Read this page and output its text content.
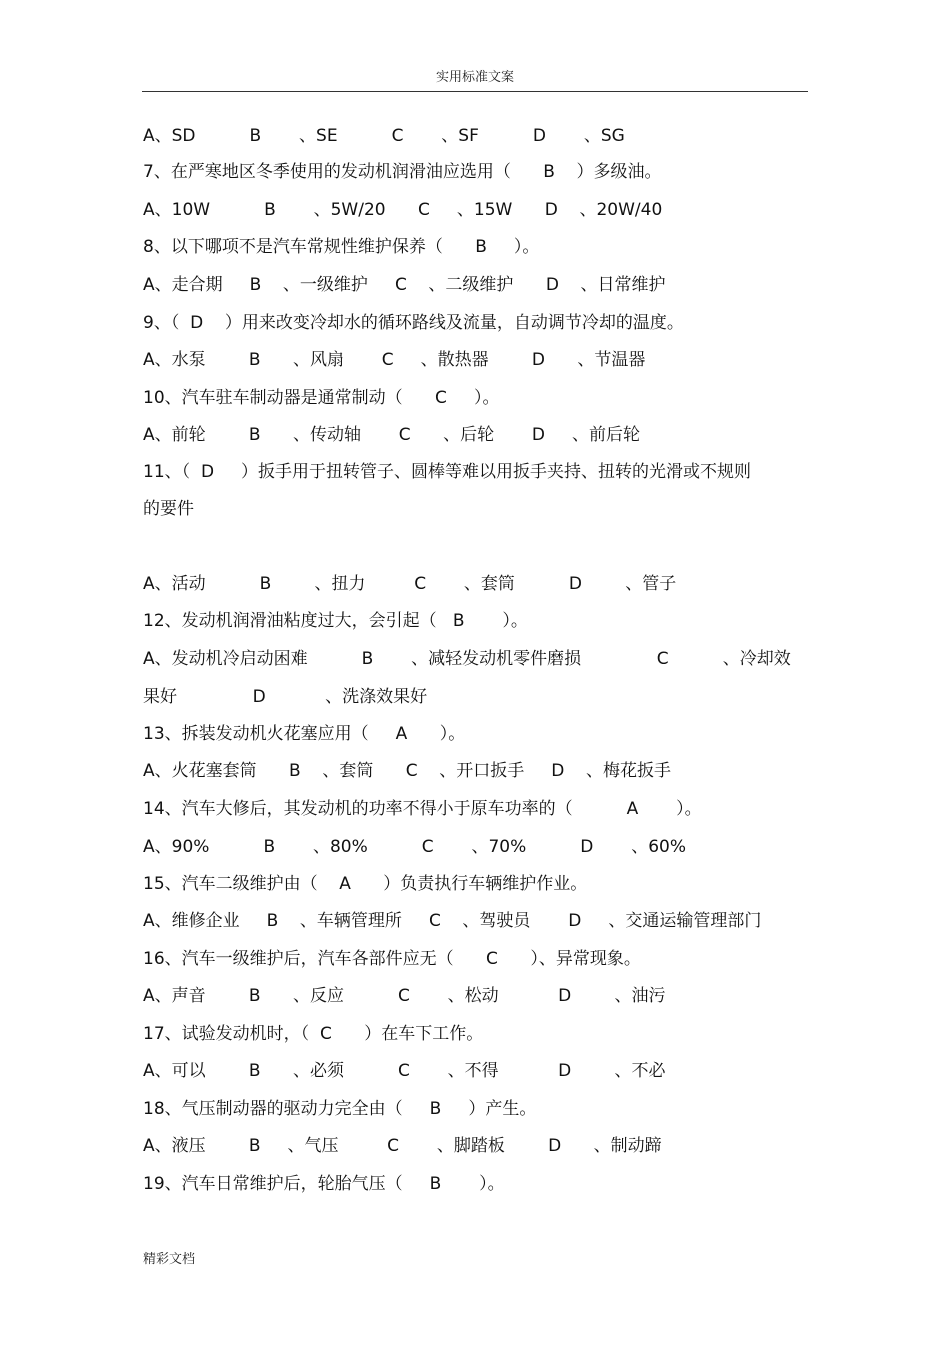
实用标准文案
A、SD          B       、SE          C       、SF          D       、SG
7、在严寒地区冬季使用的发动机润滑油应选用（      B    ）多级油。
A、10W          B       、5W∕20      C     、15W      D    、20W∕40
8、以下哪项不是汽车常规性维护保养（      B     ）。
A、走合期     B    、一级维护     C    、二级维护      D    、日常维护
9、（  D    ）用来改变冷却水的循环路线及流量，自动调节冷却的温度。
A、水泵        B      、风扇       C     、散热器        D      、节温器
10、汽车驻车制动器是通常制动（      C     ）。
A、前轮        B      、传动轴       C      、后轮       D     、前后轮
11、（  D     ）扳手用于扭转管子、圆棒等难以用扳手夹持、扭转的光滑或不规则
的要件
A、活动          B        、扭力         C       、套筒          D        、管子
12、发动机润滑油粘度过大，会引起（   B       ）。
A、发动机冷启动困难          B       、减轻发动机零件磨损              C          、冷却效
果好              D           、洗涤效果好
13、拆装发动机火花塞应用（     A      ）。
A、火花塞套筒      B    、套筒      C    、开口扳手     D    、梅花扳手
14、汽车大修后，其发动机的功率不得小于原车功率的（          A       ）。
A、90%          B       、80%          C       、70%          D       、60%
15、汽车二级维护由（    A      ）负责执行车辆维护作业。
A、维修企业     B    、车辆管理所     C    、驾驶员       D     、交通运输管理部门
16、汽车一级维护后，汽车各部件应无（      C      ）、异常现象。
A、声音        B      、反应          C       、松动           D        、油污
17、试验发动机时，（  C      ）在车下工作。
A、可以        B      、必须          C       、不得           D        、不必
18、气压制动器的驱动力完全由（     B     ）产生。
A、液压        B     、气压         C       、脚踏板        D      、制动蹄
19、汽车日常维护后，轮胎气压（     B       ）。
精彩文档
